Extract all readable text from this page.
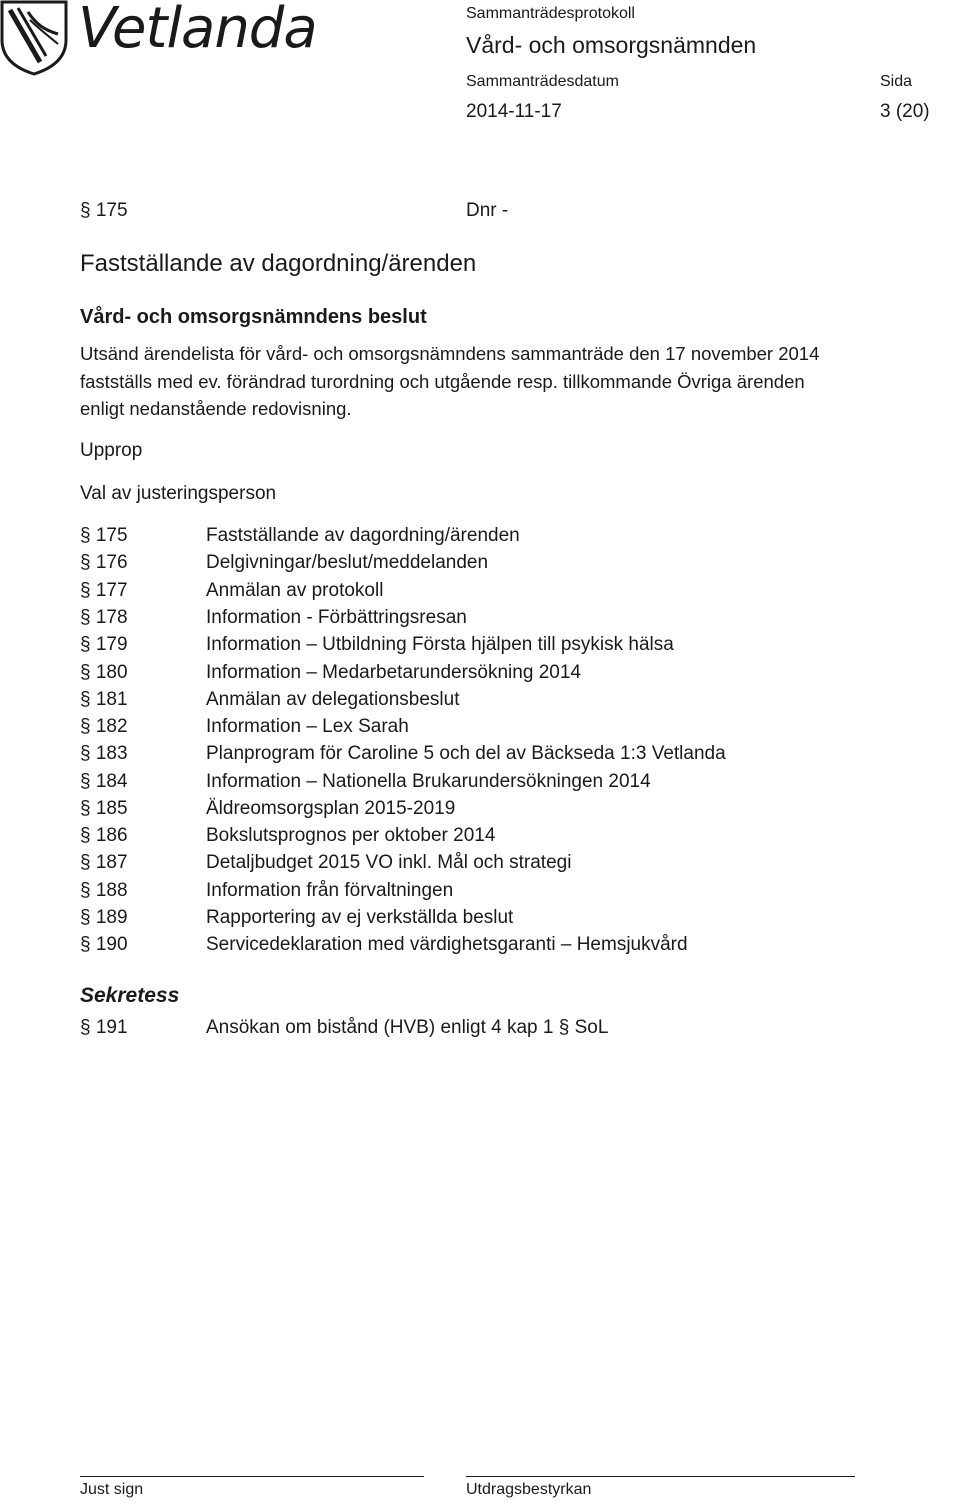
Vetlanda	Sammanträdesprotokoll
Vård- och omsorgsnämnden
Sammanträdesdatum	Sida
2014-11-17	3 (20)
§ 175	Dnr -
Fastställande av dagordning/ärenden
Vård- och omsorgsnämndens beslut
Utsänd ärendelista för vård- och omsorgsnämndens sammanträde den 17 november 2014 fastställs med ev. förändrad turordning och utgående resp. tillkommande Övriga ärenden enligt nedanstående redovisning.
Upprop
Val av justeringsperson
§ 175	Fastställande av dagordning/ärenden
§ 176	Delgivningar/beslut/meddelanden
§ 177	Anmälan av protokoll
§ 178	Information - Förbättringsresan
§ 179	Information – Utbildning Första hjälpen till psykisk hälsa
§ 180	Information – Medarbetarundersökning 2014
§ 181	Anmälan av delegationsbeslut
§ 182	Information – Lex Sarah
§ 183	Planprogram för Caroline 5 och del av Bäckseda 1:3 Vetlanda
§ 184	Information – Nationella Brukarundersökningen 2014
§ 185	Äldreomsorgsplan 2015-2019
§ 186	Bokslutsprognos per oktober 2014
§ 187	Detaljbudget 2015 VO inkl. Mål och strategi
§ 188	Information från förvaltningen
§ 189	Rapportering av ej verkställda beslut
§ 190	Servicedeklaration med värdighetsgaranti – Hemsjukvård
Sekretess
§ 191	Ansökan om bistånd (HVB) enligt 4 kap 1 § SoL
Just sign	Utdragsbestyrkan
